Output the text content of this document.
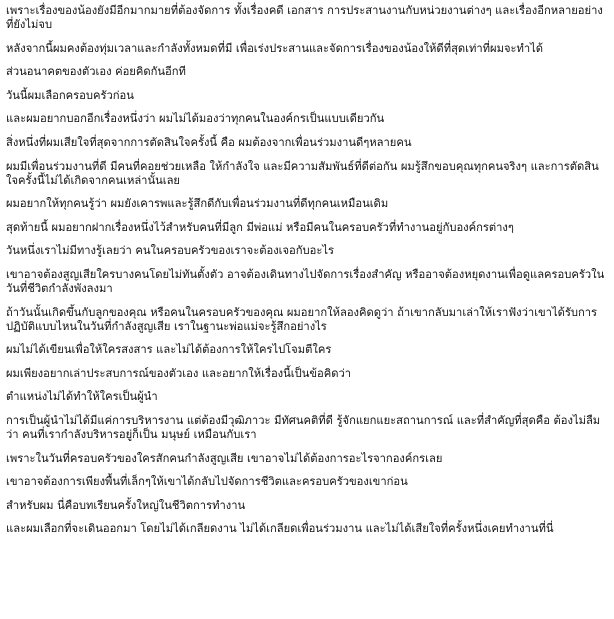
เพราะเรื่องของน้องยังมีอีกมากมายที่ต้องจัดการ ทั้งเรื่องคดี เอกสาร การประสานงานกับหน่วยงานต่างๆ และเรื่องอีกหลายอย่างที่ยังไม่จบ

หลังจากนี้ผมคงต้องทุ่มเวลาและกำลังทั้งหมดที่มี เพื่อเร่งประสานและจัดการเรื่องของน้องให้ดีที่สุดเท่าที่ผมจะทำได้

ส่วนอนาคตของตัวเอง ค่อยคิดกันอีกที

วันนี้ผมเลือกครอบครัวก่อน

และผมอยากบอกอีกเรื่องหนึ่งว่า ผมไม่ได้มองว่าทุกคนในองค์กรเป็นแบบเดียวกัน

สิ่งหนึ่งที่ผมเสียใจที่สุดจากการตัดสินใจครั้งนี้ คือ ผมต้องจากเพื่อนร่วมงานดีๆหลายคน

ผมมีเพื่อนร่วมงานที่ดี มีคนที่คอยช่วยเหลือ ให้กำลังใจ และมีความสัมพันธ์ที่ดีต่อกัน ผมรู้สึกขอบคุณทุกคนจริงๆ และการตัดสินใจครั้งนี้ไม่ได้เกิดจากคนเหล่านั้นเลย

ผมอยากให้ทุกคนรู้ว่า ผมยังเคารพและรู้สึกดีกับเพื่อนร่วมงานที่ดีทุกคนเหมือนเดิม

สุดท้ายนี้ ผมอยากฝากเรื่องหนึ่งไว้สำหรับคนที่มีลูก มีพ่อแม่ หรือมีคนในครอบครัวที่ทำงานอยู่กับองค์กรต่างๆ

วันหนึ่งเราไม่มีทางรู้เลยว่า คนในครอบครัวของเราจะต้องเจอกับอะไร

เขาอาจต้องสูญเสียใครบางคนโดยไม่ทันตั้งตัว อาจต้องเดินทางไปจัดการเรื่องสำคัญ หรืออาจต้องหยุดงานเพื่อดูแลครอบครัวในวันที่ชีวิตกำลังพังลงมา

ถ้าวันนั้นเกิดขึ้นกับลูกของคุณ หรือคนในครอบครัวของคุณ ผมอยากให้ลองคิดดูว่า ถ้าเขากลับมาเล่าให้เราฟังว่าเขาได้รับการปฏิบัติแบบไหนในวันที่กำลังสูญเสีย เราในฐานะพ่อแม่จะรู้สึกอย่างไร

ผมไม่ได้เขียนเพื่อให้ใครสงสาร และไม่ได้ต้องการให้ใครไปโจมตีใคร

ผมเพียงอยากเล่าประสบการณ์ของตัวเอง และอยากให้เรื่องนี้เป็นข้อคิดว่า

ตำแหน่งไม่ได้ทำให้ใครเป็นผู้นำ

การเป็นผู้นำไม่ได้มีแค่การบริหารงาน แต่ต้องมีวุฒิภาวะ มีทัศนคติที่ดี รู้จักแยกแยะสถานการณ์ และที่สำคัญที่สุดคือ ต้องไม่ลืมว่า คนที่เรากำลังบริหารอยู่ก็เป็น มนุษย์ เหมือนกับเรา

เพราะในวันที่ครอบครัวของใครสักคนกำลังสูญเสีย เขาอาจไม่ได้ต้องการอะไรจากองค์กรเลย

เขาอาจต้องการเพียงพื้นที่เล็กๆให้เขาได้กลับไปจัดการชีวิตและครอบครัวของเขาก่อน

สำหรับผม นี่คือบทเรียนครั้งใหญ่ในชีวิตการทำงาน

และผมเลือกที่จะเดินออกมา โดยไม่ได้เกลียดงาน ไม่ได้เกลียดเพื่อนร่วมงาน และไม่ได้เสียใจที่ครั้งหนึ่งเคยทำงานที่นี่
